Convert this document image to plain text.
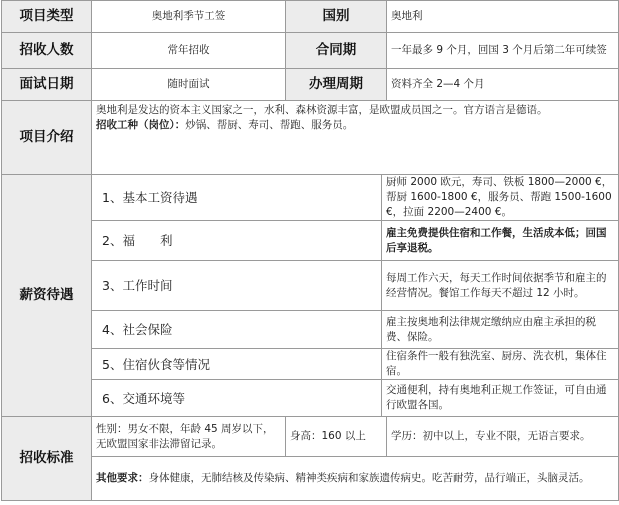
项目类型	奥地利季节工签	国别		奥地利
招收人数	常年招收	合同期		一年最多 9 个月，回国 3 个月后第二年可续签
面试日期	随时面试	办理周期		资料齐全 2—4 个月
项目介绍	奥地利是发达的资本主义国家之一，水利、森林资源丰富，是欧盟成员国之一。官方语言是德语。
招收工种（岗位）：炒锅、帮厨、寿司、帮跑、服务员。			

薪资待遇	1、基本工资待遇		厨师 2000 欧元，寿司、铁板 1800—2000 €，帮厨 1600-1800 €，服务员、帮跑 1500-1600 €，拉面 2200—2400 €。	
	2、福　　利		雇主免费提供住宿和工作餐，生活成本低；回国后享退税。	
	3、工作时间		每周工作六天，每天工作时间依据季节和雇主的经营情况。餐馆工作每天不超过 12 小时。	
	4、社会保险		雇主按奥地利法律规定缴纳应由雇主承担的税费、保险。	
	5、住宿伙食等情况		住宿条件一般有独洗室、厨房、洗衣机，集体住宿。	
	6、交通环境等		交通便利，持有奥地利正规工作签证，可自由通行欧盟各国。	
招收标准	性别：男女不限，年龄 45 周岁以下，无欧盟国家非法滞留记录。	身高：160 以上		学历：初中以上，专业不限，无语言要求。
	其他要求：身体健康，无肺结核及传染病、精神类疾病和家族遗传病史。吃苦耐劳，品行端正，头脑灵活。			
